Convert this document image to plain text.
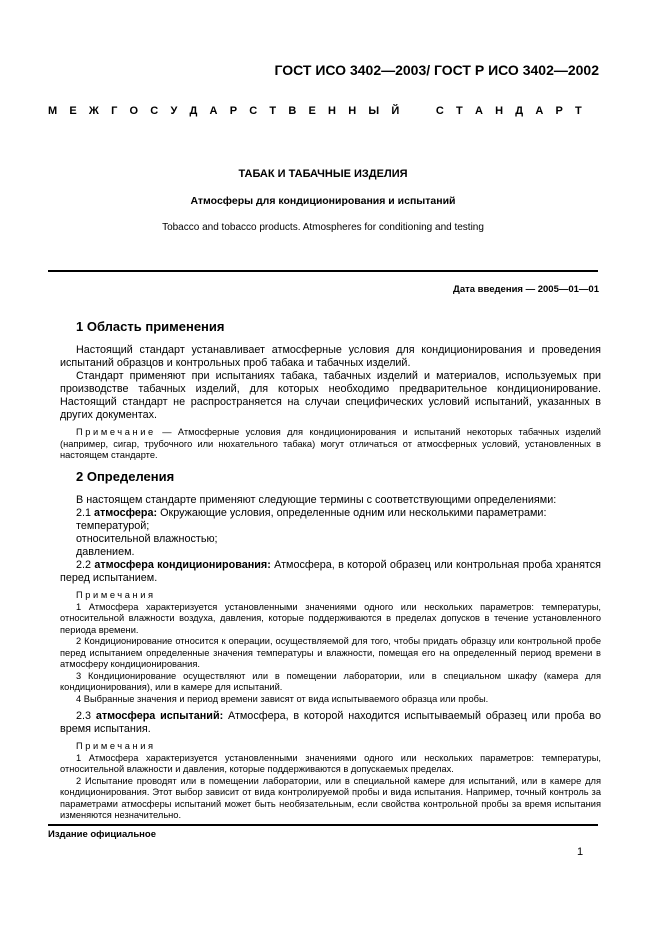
ГОСТ ИСО 3402—2003/ ГОСТ Р ИСО 3402—2002
М Е Ж Г О С У Д А Р С Т В Е Н Н Ы Й	С Т А Н Д А Р Т
ТАБАК И ТАБАЧНЫЕ ИЗДЕЛИЯ
Атмосферы для кондиционирования и испытаний
Tobacco and tobacco products. Atmospheres for conditioning and testing
Дата введения — 2005—01—01
1 Область применения

Настоящий стандарт устанавливает атмосферные условия для кондиционирования и проведения испытаний образцов и контрольных проб табака и табачных изделий.

Стандарт применяют при испытаниях табака, табачных изделий и материалов, используемых при производстве табачных изделий, для которых необходимо предварительное кондиционирование. Настоящий стандарт не распространяется на случаи специфических условий испытаний, указанных в других документах.

Примечание — Атмосферные условия для кондиционирования и испытаний некоторых табачных изделий (например, сигар, трубочного или нюхательного табака) могут отличаться от атмосферных условий, установленных в настоящем стандарте.

2 Определения

В настоящем стандарте применяют следующие термины с соответствующими определениями:

2.1 атмосфера: Окружающие условия, определенные одним или несколькими параметрами:

температурой;

относительной влажностью;

давлением.

2.2 атмосфера кондиционирования: Атмосфера, в которой образец или контрольная проба хранятся перед испытанием.

Примечания

1 Атмосфера характеризуется установленными значениями одного или нескольких параметров: температуры, относительной влажности воздуха, давления, которые поддерживаются в пределах допусков в течение установленного периода времени.

2 Кондиционирование относится к операции, осуществляемой для того, чтобы придать образцу или контрольной пробе перед испытанием определенные значения температуры и влажности, помещая его на определенный период времени в атмосферу кондиционирования.

3 Кондиционирование осуществляют или в помещении лаборатории, или в специальном шкафу (камера для кондиционирования), или в камере для испытаний.

4 Выбранные значения и период времени зависят от вида испытываемого образца или пробы.

2.3 атмосфера испытаний: Атмосфера, в которой находится испытываемый образец или проба во время испытания.

Примечания

1 Атмосфера характеризуется установленными значениями одного или нескольких параметров: температуры, относительной влажности и давления, которые поддерживаются в допускаемых пределах.

2 Испытание проводят или в помещении лаборатории, или в специальной камере для испытаний, или в камере для кондиционирования. Этот выбор зависит от вида контролируемой пробы и вида испытания. Например, точный контроль за параметрами атмосферы испытаний может быть необязательным, если свойства контрольной пробы за время испытания изменяются незначительно.

Издание официальное
1
